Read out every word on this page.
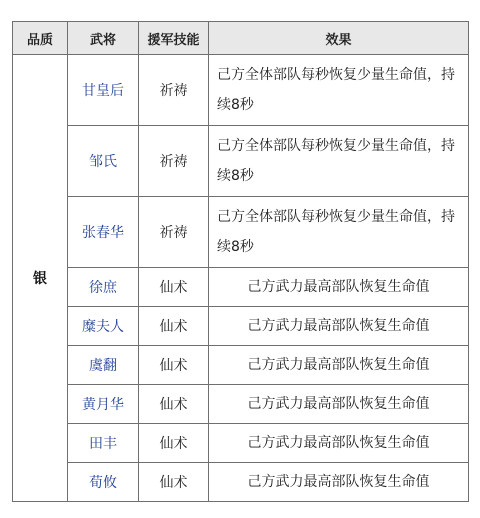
品质	武将	援军技能	效果
银	甘皇后	祈祷	己方全体部队每秒恢复少量生命值，持续8秒
	邹氏	祈祷	己方全体部队每秒恢复少量生命值，持续8秒
	张春华	祈祷	己方全体部队每秒恢复少量生命值，持续8秒
	徐庶	仙术	己方武力最高部队恢复生命值
	糜夫人	仙术	己方武力最高部队恢复生命值
	虞翻	仙术	己方武力最高部队恢复生命值
	黄月华	仙术	己方武力最高部队恢复生命值
	田丰	仙术	己方武力最高部队恢复生命值
	荀攸	仙术	己方武力最高部队恢复生命值
